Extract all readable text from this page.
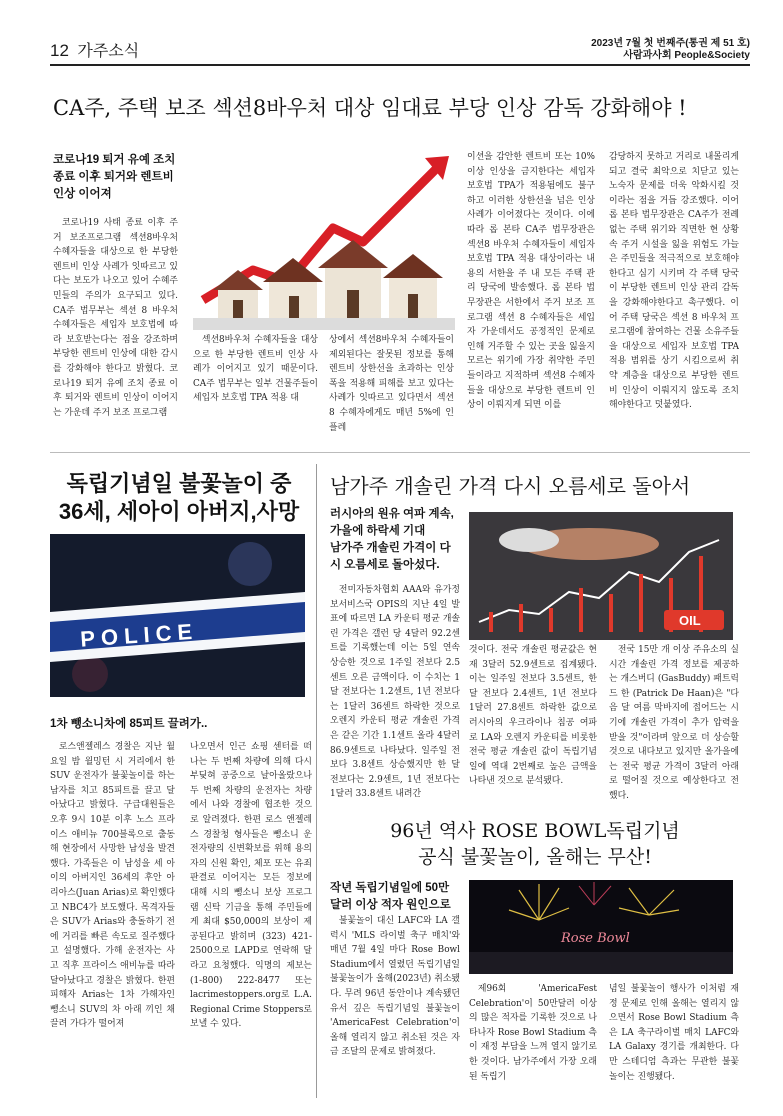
12 가주소식	2023년 7월 첫 번째주(통권 제 51 호)
사람과사회 People&Society
CA주, 주택 보조 섹션8바우처 대상 임대료 부당 인상 감독 강화해야 !
코로나19 퇴거 유예 조치 종료 이후 퇴거와 렌트비 인상 이어져

코로나19 사태 종료 이후 주거 보조프로그램 섹션8바우처 수혜자들을 대상으로 한 부당한 렌트비 인상 사례가 잇따르고 있다는 보도가 나오고 있어 수혜주민들의 주의가 요구되고 있다. CA주 법무부는 섹션 8 바우처 수혜자들은 세입자 보호법에 따라 보호받는다는 점을 강조하며 부당한 렌트비 인상에 대한 감시를 강화해야 한다고 밝혔다. 코로나19 퇴거 유예 조치 종료 이후 퇴거와 렌트비 인상이 이어지는 가운데 주거 보조 프로그램

섹션8바우처 수혜자들을 대상으로 한 부당한 렌트비 인상 사례가 이어지고 있기 때문이다. CA주 법무부는 일부 건물주들이 세입자 보호법 TPA 적용 대

상에서 섹션8바우처 수혜자들이 제외된다는 잘못된 정보를 통해 렌트비 상한선을 초과하는 인상 폭을 적용해 피해를 보고 있다는 사례가 잇따르고 있다면서 섹션8 수혜자에게도 매년 5%에 인플레

이션을 감안한 렌트비 또는 10% 이상 인상을 금지한다는 세입자 보호법 TPA가 적용됨에도 불구하고 이러한 상한선을 넘은 인상 사례가 이어졌다는 것이다. 이에 따라 롭 본타 CA주 법무장관은 섹션8 바우처 수혜자들이 세입자 보호법 TPA 적용 대상이라는 내용의 서한을 주 내 모든 주택 관리 당국에 발송했다. 롭 본타 법무장관은 서한에서 주거 보조 프로그램 섹션 8 수혜자들은 세입자 가운데서도 공정적인 문제로 인해 거주할 수 있는 곳을 잃을지 모르는 위기에 가장 취약한 주민들이라고 지적하며 섹션8 수혜자들을 대상으로 부당한 렌트비 인상이 이뤄지게 되면 이를

감당하지 못하고 거리로 내몰리게 되고 결국 최악으로 치닫고 있는 노숙자 문제를 더욱 악화시킬 것이라는 점을 거듭 강조했다. 이어 롭 본타 법무장관은 CA주가 전례 없는 주택 위기와 직면한 현 상황속 주거 시설을 잃을 위험도 가늘은 주민들을 적극적으로 보호해야한다고 심기 시키며 각 주택 당국이 부당한 렌트비 인상 관리 감독을 강화해야한다고 촉구했다. 이어 주택 당국은 섹션 8 바우처 프로그램에 참여하는 건물 소유주들을 대상으로 세입자 보호법 TPA 적용 범위를 상기 시킴으로써 취약 계층을 대상으로 부당한 렌트비 인상이 이뤄지지 않도록 조치해야한다고 덧붙였다.

독립기념일 불꽃놀이 중
36세, 세아이 아버지,사망
POLICE
1차 뺑소니차에 85피트 끌려가..

로스앤젤레스 경찰은 지난 월요일 밤 윌밍턴 시 거리에서 한 SUV 운전자가 불꽃놀이를 하는 남자를 치고 85피트를 끌고 달아났다고 밝혔다. 구급대원들은 오후 9시 10분 이후 노스 프라이스 애비뉴 700블록으로 출동해 현장에서 사망한 남성을 발견했다. 가족들은 이 남성을 세 아이의 아버지인 36세의 후안 아리아스(Juan Arias)로 확인했다고 NBC4가 보도했다. 목격자들은 SUV가 Arias와 충돌하기 전에 거리를 빠른 속도로 질주했다고 설명했다. 가해 운전자는 사고 직후 프라이스 애비뉴를 따라 달아났다고 경찰은 밝혔다. 한편 피해자 Arias는 1차 가해자인 뺑소니 SUV의 차 아래 끼인 채 끌려 가다가 떨어져

나오면서 인근 쇼핑 센터를 떠나는 두 번째 차량에 의해 다시 부딪혀 공중으로 날아올랐으나 두 번째 차량의 운전자는 차량에서 나와 경찰에 협조한 것으로 알려졌다. 한편 로스 앤젤레스 경찰청 형사들은 뺑소니 운전자량의 신변확보를 위해 용의자의 신원 확인, 체포 또는 유죄 판결로 이어지는 모든 정보에 대해 시의 뺑소니 보상 프로그램 신탁 기금을 통해 주민들에게 최대 $50,000의 보상이 제공된다고 밝히며 (323) 421-2500으로 LAPD로 연락해 달라고 요청했다. 익명의 제보는 (1-800) 222-8477 또는 lacrimestoppers.org로 L.A. Regional Crime Stoppers로 보낼 수 있다.

남가주 개솔린 가격 다시 오름세로 돌아서
러시아의 원유 여파 계속, 가을에 하락세 기대
남가주 개솔린 가격이 다시 오름세로 돌아섰다.
OIL

전미자동차협회 AAA와 유가정보서비스국 OPIS의 지난 4일 발표에 따르면 LA 카운티 평균 개솔린 가격은 갤런 당 4달러 92.2센트를 기록했는데 이는 5일 연속 상승한 것으로 1주일 전보다 2.5센트 오른 금액이다. 이 수치는 1달 전보다는 1.2센트, 1년 전보다는 1달러 36센트 하락한 것으로 오렌지 카운티 평균 개솔린 가격은 같은 기간 1.1센트 올라 4달러 86.9센트로 나타났다. 일주일 전보다 3.8센트 상승했지만 한 달 전보다는 2.9센트, 1년 전보다는 1달러 33.8센트 내려간

것이다. 전국 개솔린 평균값은 현재 3달러 52.9센트로 집계됐다. 이는 일주일 전보다 3.5센트, 한 달 전보다 2.4센트, 1년 전보다 1달러 27.8센트 하락한 값으로 러시아의 우크라이나 침공 여파로 LA와 오렌지 카운티를 비롯한 전국 평균 개솔린 값이 독립기념일에 역대 2번째로 높은 금액을 나타낸 것으로 분석됐다.

전국 15만 개 이상 주유소의 실시간 개솔린 가격 정보를 제공하는 개스버디 (GasBuddy) 패트릭 드 한 (Patrick De Haan)은 "다음 달 여름 막바지에 접어드는 시기에 개솔린 가격이 추가 압력을 받을 것"이라며 앞으로 더 상승할 것으로 내다보고 있지만 올가을에는 전국 평균 가격이 3달러 아래로 떨어질 것으로 예상한다고 전했다.

96년 역사 ROSE BOWL독립기념
공식 불꽃놀이, 올해는 무산!
작년 독립기념일에 50만달러 이상 적자 원인으로
Rose Bowl

불꽃놀이 대신 LAFC와 LA 갤럭시 'MLS 라이벌 축구 매치'와 매년 7월 4일 마다 Rose Bowl Stadium에서 열렸던 독립기념일 불꽃놀이가 올해(2023년) 취소됐다. 무려 96년 동안이나 계속됐던 유서 깊은 독립기념일 불꽃놀이 'AmericaFest Celebration'이 올해 열리지 않고 취소된 것은 자금 조달의 문제로 밝혀졌다.

제96회 'AmericaFest Celebration'이 50만달러 이상의 많은 적자를 기록한 것으로 나타나자 Rose Bowl Stadium 측이 재정 부담을 느껴 열지 않기로 한 것이다. 남가주에서 가장 오래된 독립기

념일 불꽃놀이 행사가 이처럼 재정 문제로 인해 올해는 열리지 않으면서 Rose Bowl Stadium 측은 LA 축구라이벌 매치 LAFC와 LA Galaxy 경기를 개최한다. 다만 스테디엄 측과는 무관한 불꽃놀이는 진행됐다.
